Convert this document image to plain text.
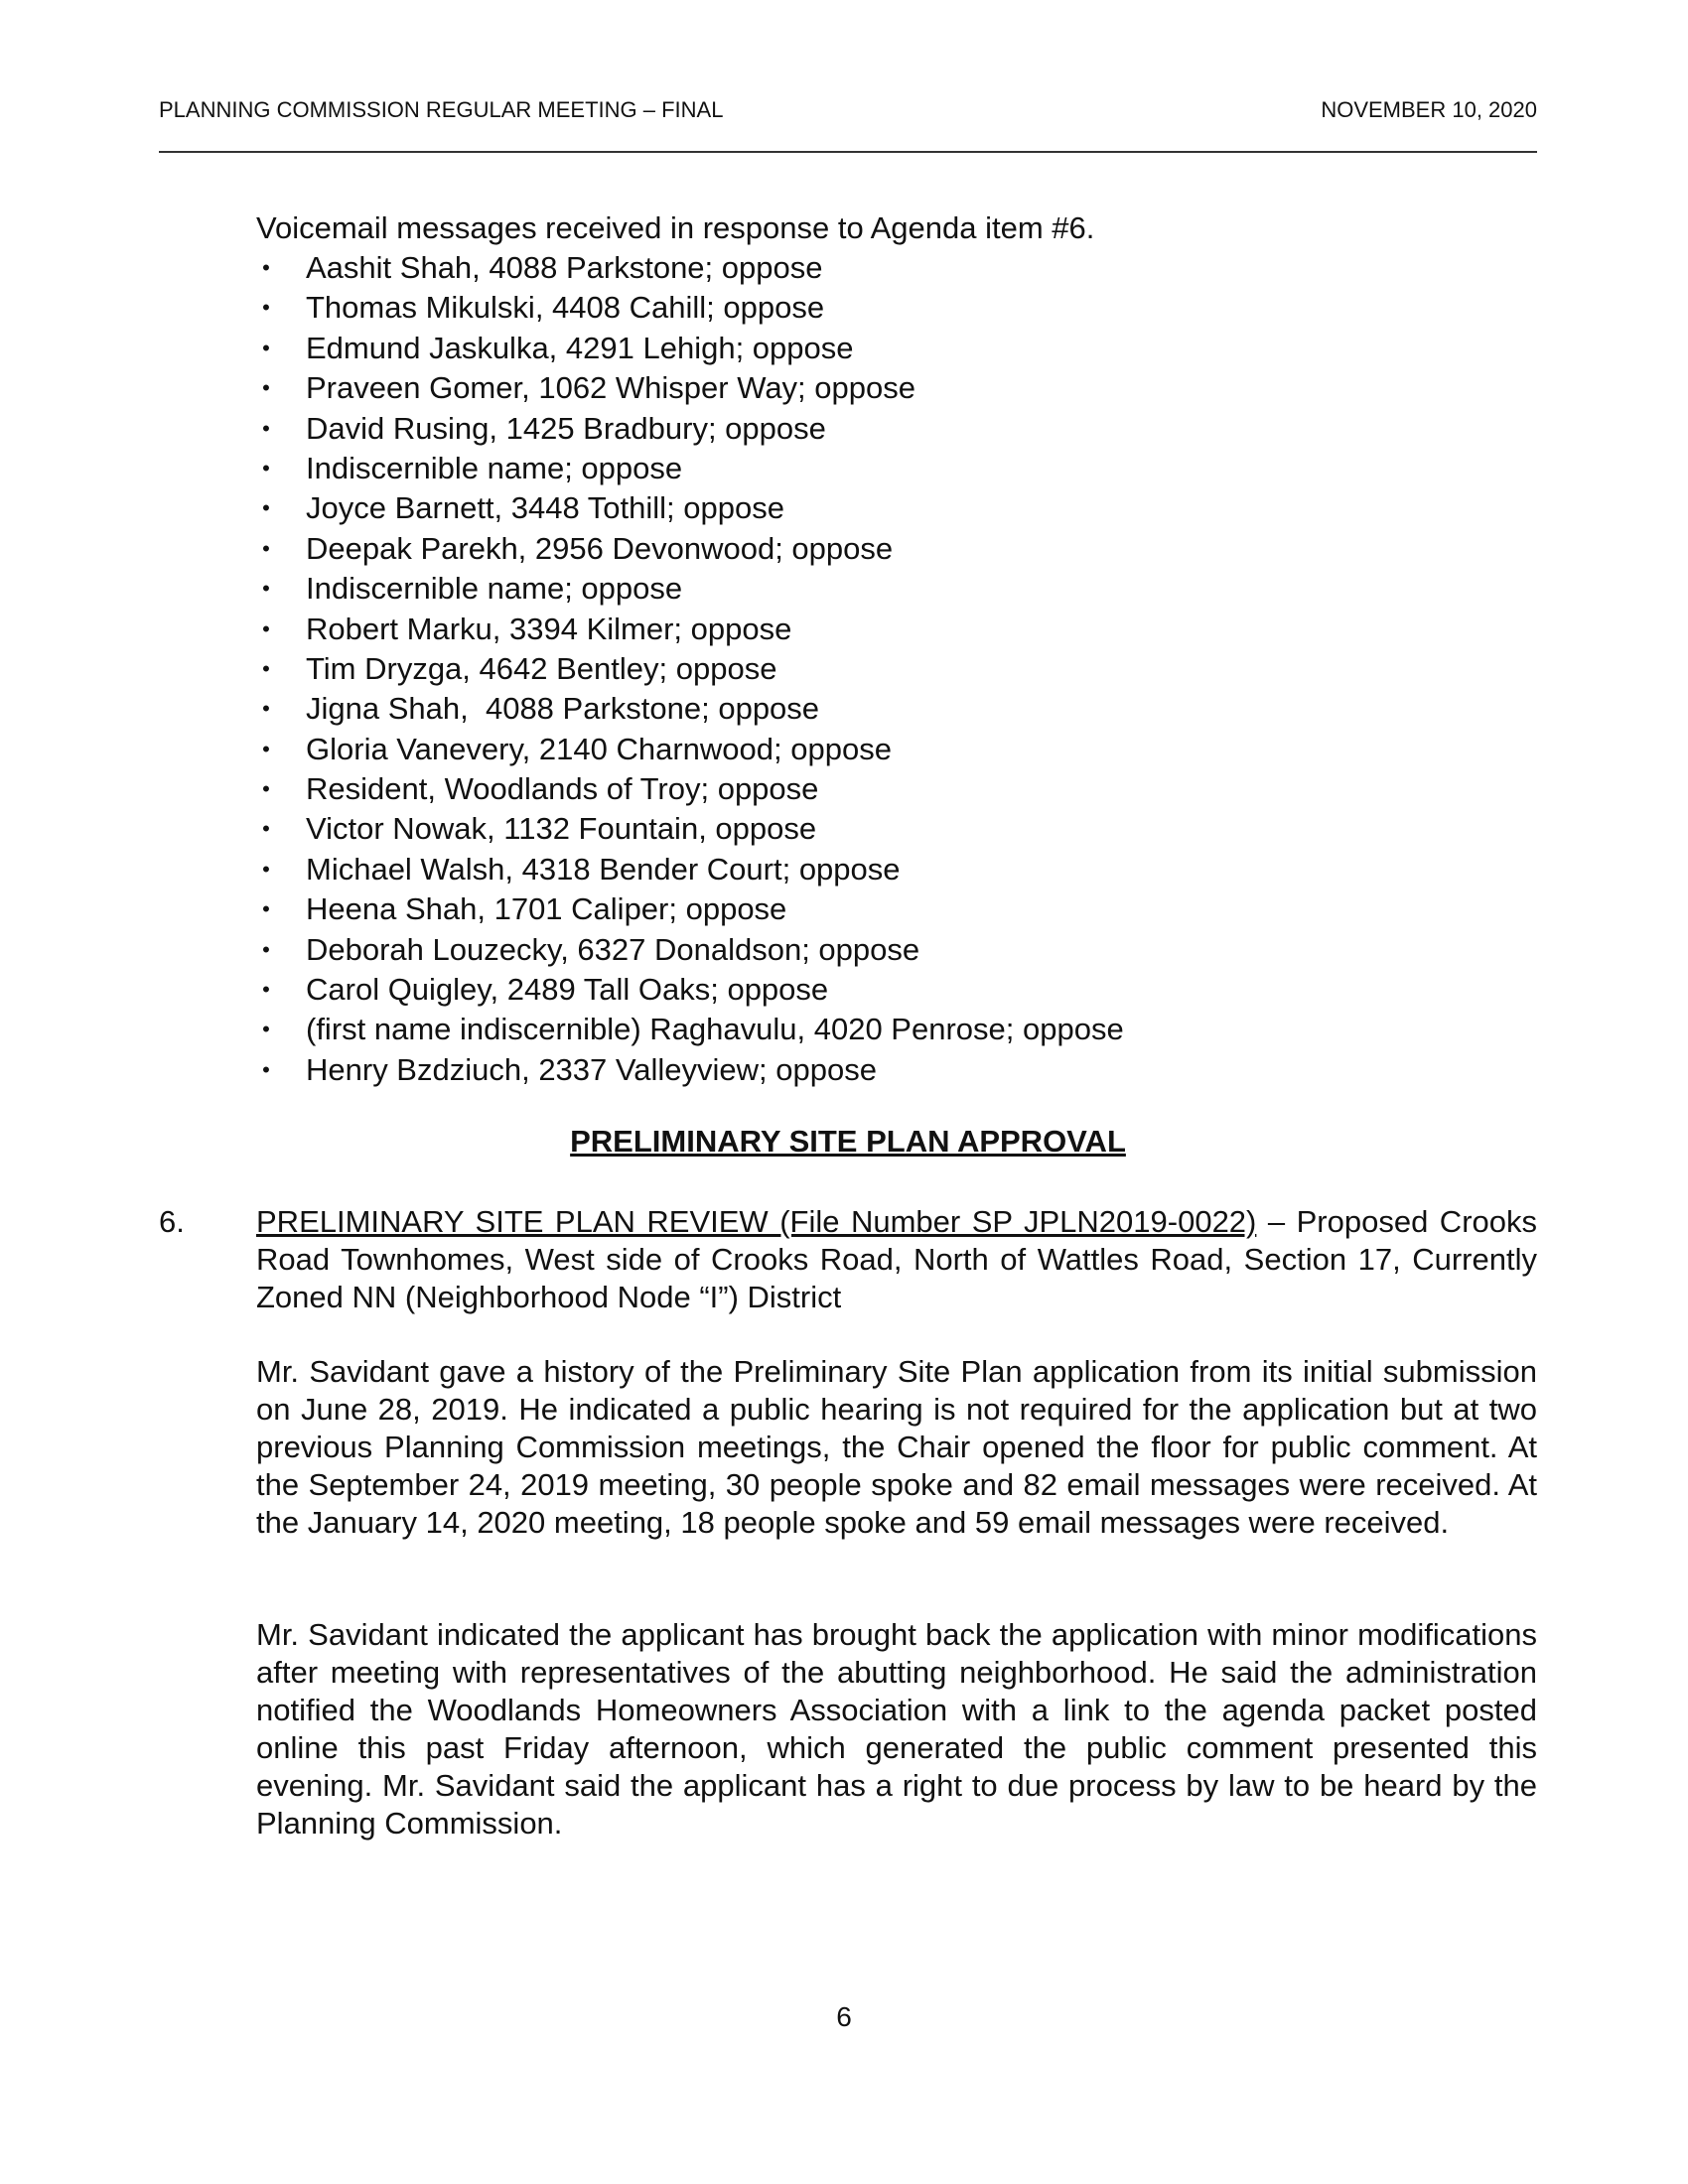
PLANNING COMMISSION REGULAR MEETING – FINAL	NOVEMBER 10, 2020
Voicemail messages received in response to Agenda item #6.
• Aashit Shah, 4088 Parkstone; oppose
• Thomas Mikulski, 4408 Cahill; oppose
• Edmund Jaskulka, 4291 Lehigh; oppose
• Praveen Gomer, 1062 Whisper Way; oppose
• David Rusing, 1425 Bradbury; oppose
• Indiscernible name; oppose
• Joyce Barnett, 3448 Tothill; oppose
• Deepak Parekh, 2956 Devonwood; oppose
• Indiscernible name; oppose
• Robert Marku, 3394 Kilmer; oppose
• Tim Dryzga, 4642 Bentley; oppose
• Jigna Shah,  4088 Parkstone; oppose
• Gloria Vanevery, 2140 Charnwood; oppose
• Resident, Woodlands of Troy; oppose
• Victor Nowak, 1132 Fountain, oppose
• Michael Walsh, 4318 Bender Court; oppose
• Heena Shah, 1701 Caliper; oppose
• Deborah Louzecky, 6327 Donaldson; oppose
• Carol Quigley, 2489 Tall Oaks; oppose
• (first name indiscernible) Raghavulu, 4020 Penrose; oppose
• Henry Bzdziuch, 2337 Valleyview; oppose
PRELIMINARY SITE PLAN APPROVAL
6. PRELIMINARY SITE PLAN REVIEW (File Number SP JPLN2019-0022) – Proposed Crooks Road Townhomes, West side of Crooks Road, North of Wattles Road, Section 17, Currently Zoned NN (Neighborhood Node “I”) District
Mr. Savidant gave a history of the Preliminary Site Plan application from its initial submission on June 28, 2019. He indicated a public hearing is not required for the application but at two previous Planning Commission meetings, the Chair opened the floor for public comment. At the September 24, 2019 meeting, 30 people spoke and 82 email messages were received. At the January 14, 2020 meeting, 18 people spoke and 59 email messages were received.
Mr. Savidant indicated the applicant has brought back the application with minor modifications after meeting with representatives of the abutting neighborhood. He said the administration notified the Woodlands Homeowners Association with a link to the agenda packet posted online this past Friday afternoon, which generated the public comment presented this evening. Mr. Savidant said the applicant has a right to due process by law to be heard by the Planning Commission.
6
